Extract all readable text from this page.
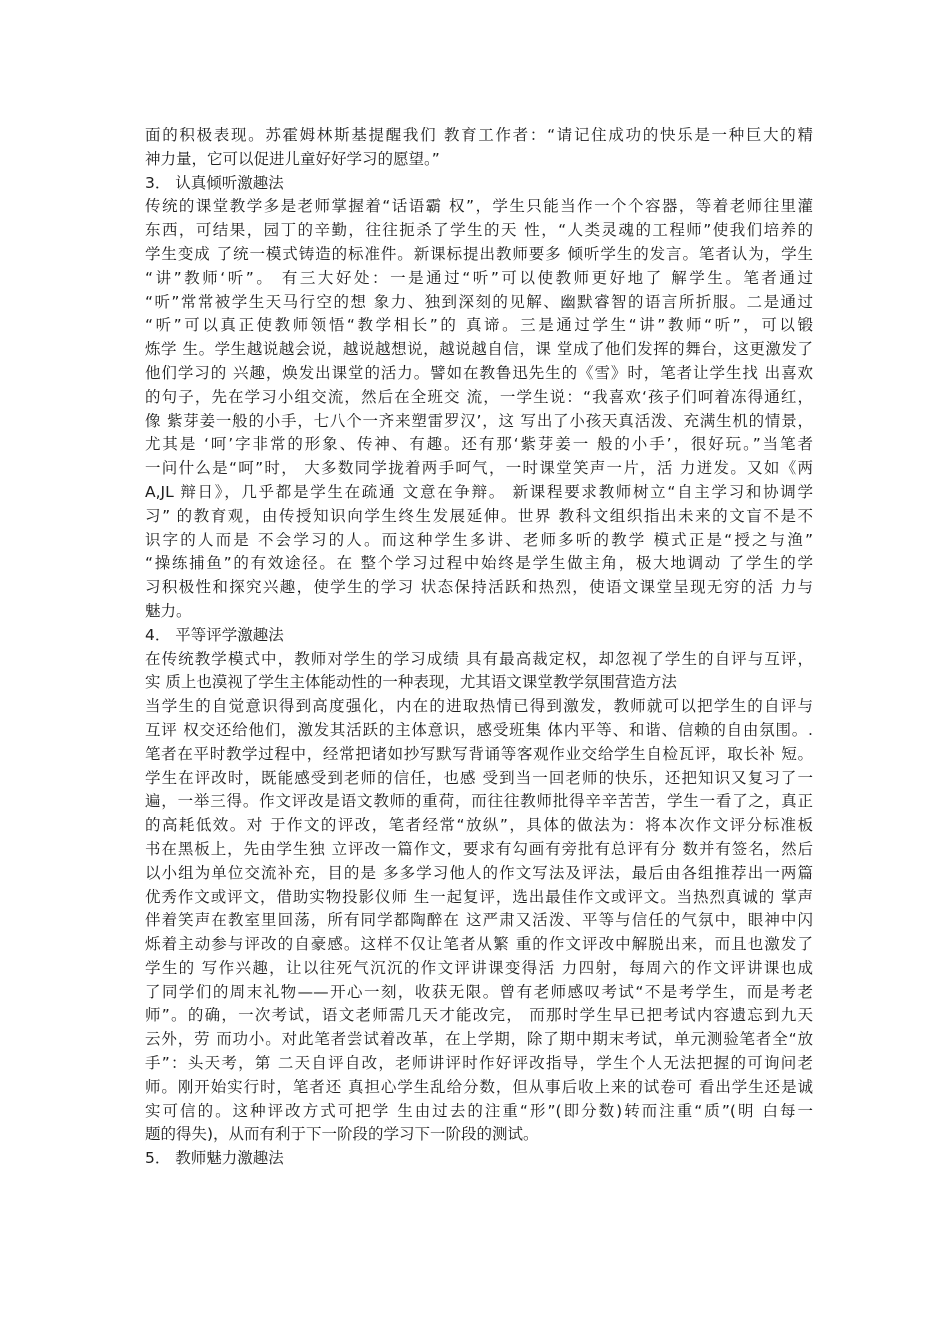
面的积极表现。苏霍姆林斯基提醒我们 教育工作者：“请记住成功的快乐是一种巨大的精
神力量，它可以促进儿童好好学习的愿望。”
3． 认真倾听激趣法
传统的课堂教学多是老师掌握着“话语霸 权”，学生只能当作一个个容器，等着老师往里灌
东西，可结果，园丁的辛勤，往往扼杀了学生的天 性，“人类灵魂的工程师”使我们培养的
学生变成 了统一模式铸造的标准件。新课标提出教师要多 倾听学生的发言。笔者认为，学生
“讲”教师‘听”。 有三大好处：一是通过“听”可以使教师更好地了 解学生。笔者通过
“听”常常被学生天马行空的想 象力、独到深刻的见解、幽默睿智的语言所折服。二是通过
“听”可以真正使教师领悟“教学相长”的 真谛。三是通过学生“讲”教师“听”，可以锻
炼学 生。学生越说越会说，越说越想说，越说越自信，课 堂成了他们发挥的舞台，这更激发了
他们学习的 兴趣，焕发出课堂的活力。譬如在教鲁迅先生的《雪》时，笔者让学生找 出喜欢
的句子，先在学习小组交流，然后在全班交 流，一学生说：“我喜欢‘孩子们呵着冻得通红，
像 紫芽姜一般的小手，七八个一齐来塑雷罗汉’，这 写出了小孩天真活泼、充满生机的情景，
尤其是 ‘呵’字非常的形象、传神、有趣。还有那‘紫芽姜一 般的小手’，很好玩。”当笔者
一问什么是“呵”时， 大多数同学拢着两手呵气，一时课堂笑声一片，活 力迸发。又如《两
A,JL 辩日》，几乎都是学生在疏通 文意在争辩。 新课程要求教师树立“自主学习和协调学
习” 的教育观，由传授知识向学生终生发展延伸。世界 教科文组织指出未来的文盲不是不
识字的人而是 不会学习的人。而这种学生多讲、老师多听的教学 模式正是“授之与渔”
“操练捕鱼”的有效途径。在 整个学习过程中始终是学生做主角，极大地调动 了学生的学
习积极性和探究兴趣，使学生的学习 状态保持活跃和热烈，使语文课堂呈现无穷的活 力与
魅力。
4． 平等评学激趣法
在传统教学模式中，教师对学生的学习成绩 具有最高裁定权，却忽视了学生的自评与互评，
实 质上也漠视了学生主体能动性的一种表现，尤其语文课堂教学氛围营造方法
当学生的自觉意识得到高度强化，内在的进取热情已得到激发，教师就可以把学生的自评与
互评 权交还给他们，激发其活跃的主体意识，感受班集 体内平等、和谐、信赖的自由氛围。.
笔者在平时教学过程中，经常把诸如抄写默写背诵等客观作业交给学生自检瓦评，取长补 短。
学生在评改时，既能感受到老师的信任，也感 受到当一回老师的快乐，还把知识又复习了一
遍，一举三得。作文评改是语文教师的重荷，而往往教师批得辛辛苦苦，学生一看了之，真正
的高耗低效。对 于作文的评改，笔者经常“放纵”，具体的做法为：将本次作文评分标准板
书在黑板上，先由学生独 立评改一篇作文，要求有勾画有旁批有总评有分 数并有签名，然后
以小组为单位交流补充，目的是 多多学习他人的作文写法及评法，最后由各组推荐出一两篇
优秀作文或评文，借助实物投影仪师 生一起复评，选出最佳作文或评文。当热烈真诚的 掌声
伴着笑声在教室里回荡，所有同学都陶醉在 这严肃又活泼、平等与信任的气氛中，眼神中闪
烁着主动参与评改的自豪感。这样不仅让笔者从繁 重的作文评改中解脱出来，而且也激发了
学生的 写作兴趣，让以往死气沉沉的作文评讲课变得活 力四射，每周六的作文评讲课也成
了同学们的周末礼物——开心一刻，收获无限。曾有老师感叹考试“不是考学生，而是考老
师”。的确，一次考试，语文老师需几天才能改完， 而那时学生早已把考试内容遗忘到九天
云外，劳 而功小。对此笔者尝试着改革，在上学期，除了期中期末考试，单元测验笔者全“放
手”：头天考，第 二天自评自改，老师讲评时作好评改指导，学生个人无法把握的可询问老
师。刚开始实行时，笔者还 真担心学生乱给分数，但从事后收上来的试卷可 看出学生还是诚
实可信的。这种评改方式可把学 生由过去的注重“形”(即分数)转而注重“质”(明 白每一
题的得失)，从而有利于下一阶段的学习下一阶段的测试。
5． 教师魅力激趣法
